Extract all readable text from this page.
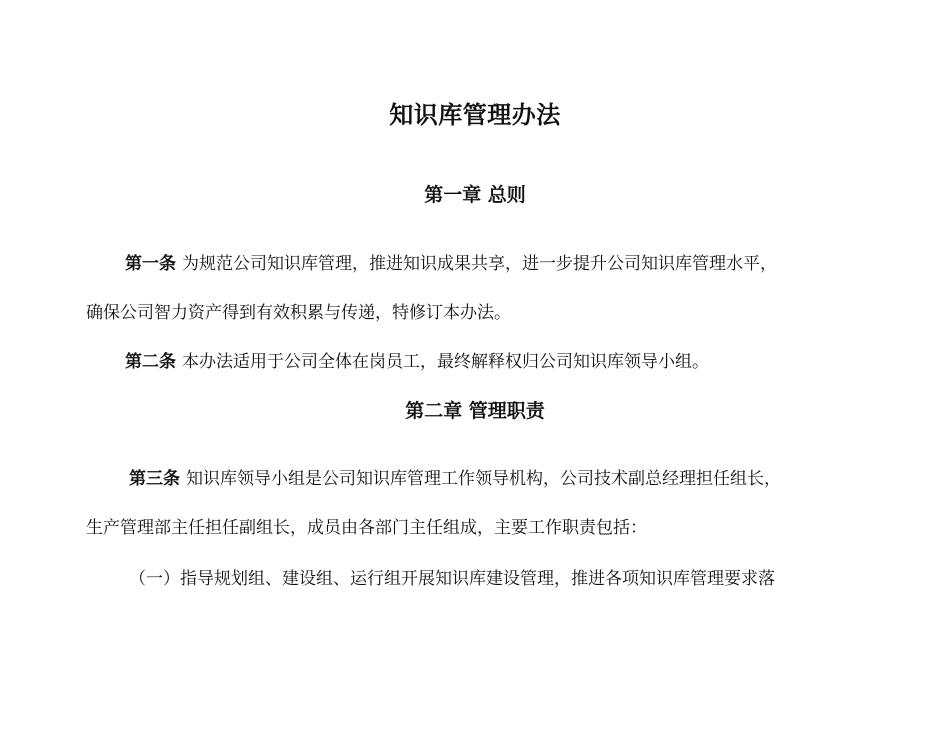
知识库管理办法
第一章 总则
第一条 为规范公司知识库管理，推进知识成果共享，进一步提升公司知识库管理水平，
确保公司智力资产得到有效积累与传递，特修订本办法。
第二条 本办法适用于公司全体在岗员工，最终解释权归公司知识库领导小组。
第二章 管理职责
第三条 知识库领导小组是公司知识库管理工作领导机构，公司技术副总经理担任组长，
生产管理部主任担任副组长，成员由各部门主任组成，主要工作职责包括：
（一）指导规划组、建设组、运行组开展知识库建设管理，推进各项知识库管理要求落
